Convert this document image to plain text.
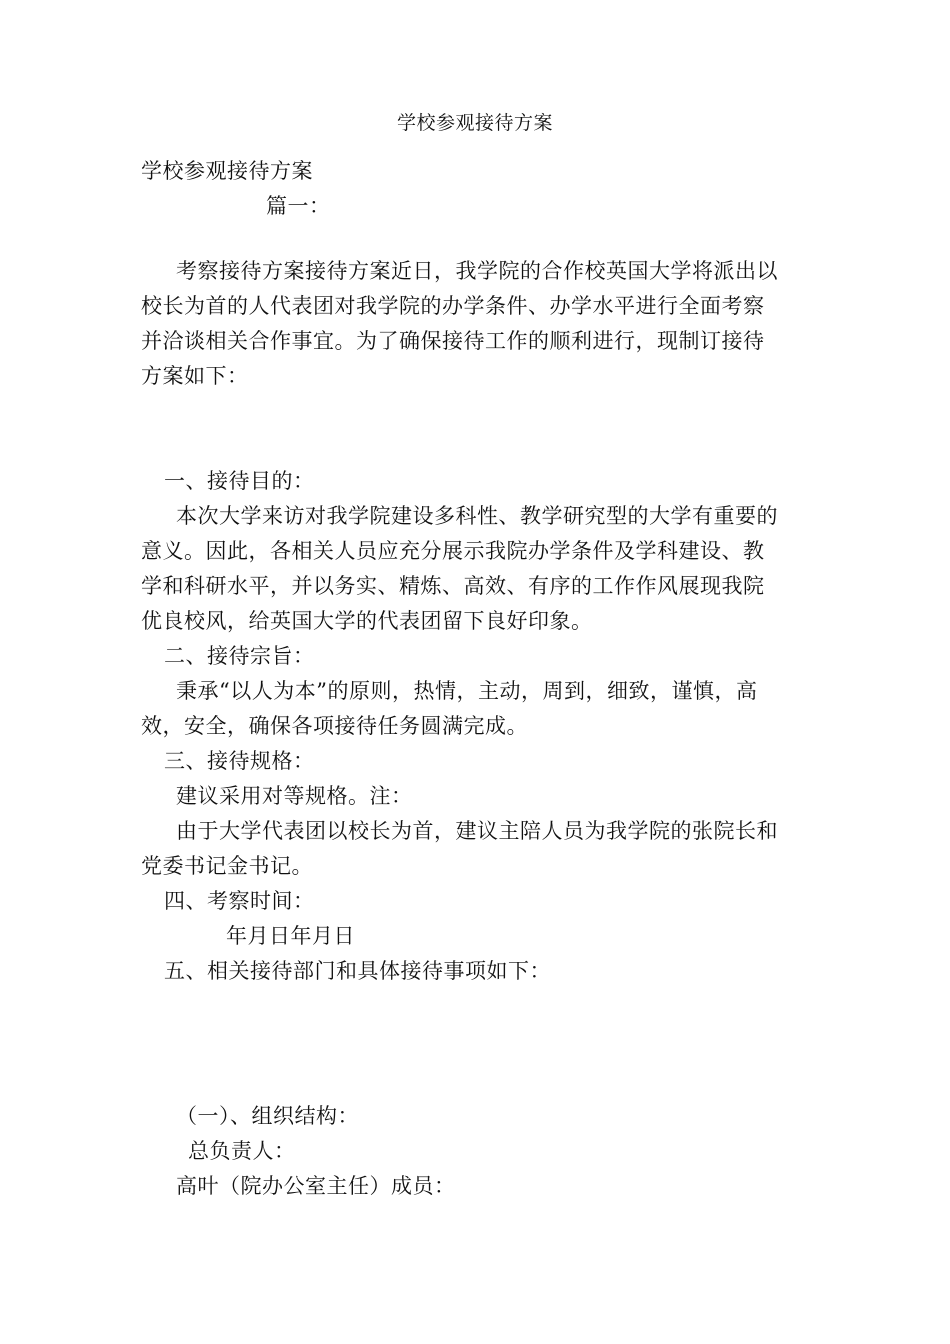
学校参观接待方案
学校参观接待方案
篇一：
考察接待方案接待方案近日，我学院的合作校英国大学将派出以
校长为首的人代表团对我学院的办学条件、办学水平进行全面考察
并洽谈相关合作事宜。为了确保接待工作的顺利进行，现制订接待
方案如下：
一、接待目的：
本次大学来访对我学院建设多科性、教学研究型的大学有重要的
意义。因此，各相关人员应充分展示我院办学条件及学科建设、教
学和科研水平，并以务实、精炼、高效、有序的工作作风展现我院
优良校风，给英国大学的代表团留下良好印象。
二、接待宗旨：
秉承“以人为本”的原则，热情，主动，周到，细致，谨慎，高
效，安全，确保各项接待任务圆满完成。
三、接待规格：
建议采用对等规格。注：
由于大学代表团以校长为首，建议主陪人员为我学院的张院长和
党委书记金书记。
四、考察时间：
年月日年月日
五、相关接待部门和具体接待事项如下：
（一）、组织结构：
总负责人：
高叶（院办公室主任）成员：
